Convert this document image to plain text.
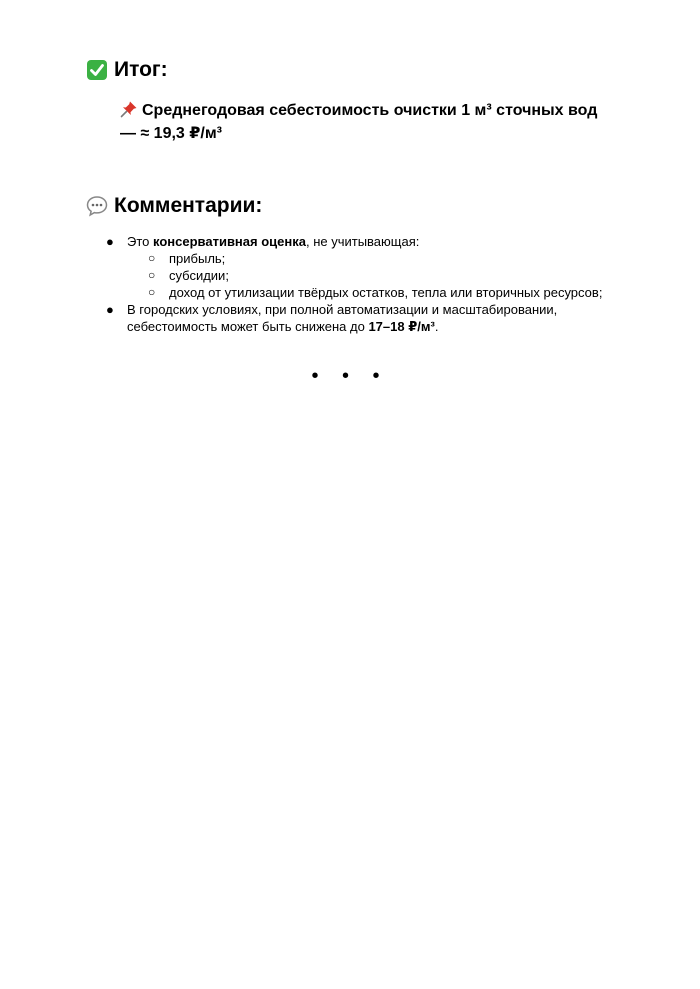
Итог:
Среднегодовая себестоимость очистки 1 м³ сточных вод
— ≈ 19,3 ₽/м³
Комментарии:
● Это консервативная оценка, не учитывающая:
○ прибыль;
○ субсидии;
○ доход от утилизации твёрдых остатков, тепла или вторичных ресурсов;
● В городских условиях, при полной автоматизации и масштабировании, себестоимость может быть снижена до 17–18 ₽/м³.
• • •
